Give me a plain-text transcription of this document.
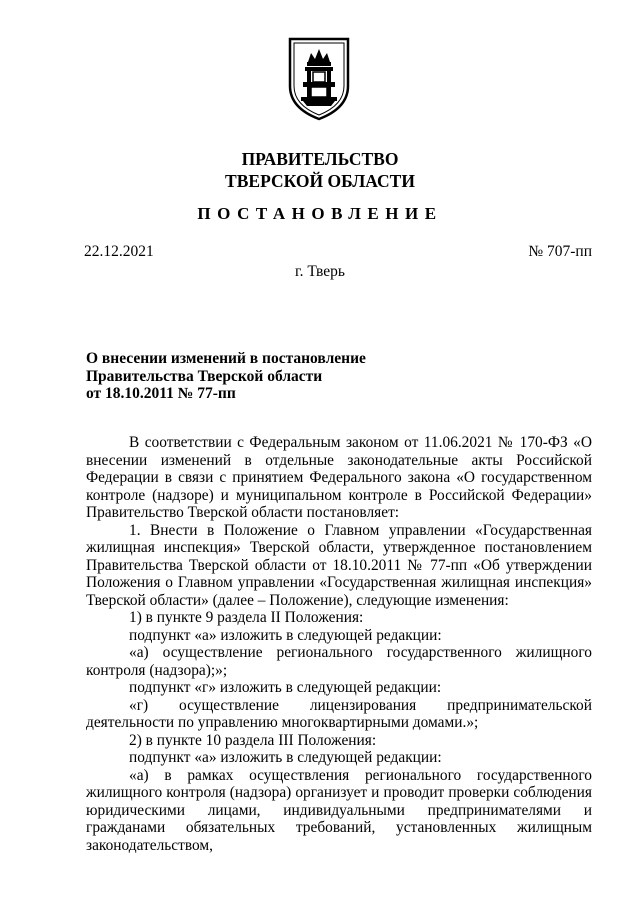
ПРАВИТЕЛЬСТВО
ТВЕРСКОЙ ОБЛАСТИ
ПОСТАНОВЛЕНИЕ
22.12.2021	№ 707-пп
г. Тверь
О внесении изменений в постановление
Правительства Тверской области
от 18.10.2011 № 77-пп

В соответствии с Федеральным законом от 11.06.2021 № 170-ФЗ «О внесении изменений в отдельные законодательные акты Российской Федерации в связи с принятием Федерального закона «О государственном контроле (надзоре) и муниципальном контроле в Российской Федерации» Правительство Тверской области постановляет:

1. Внести в Положение о Главном управлении «Государственная жилищная инспекция» Тверской области, утвержденное постановлением Правительства Тверской области от 18.10.2011 № 77-пп «Об утверждении Положения о Главном управлении «Государственная жилищная инспекция» Тверской области» (далее – Положение), следующие изменения:

1) в пункте 9 раздела II Положения:

подпункт «а» изложить в следующей редакции:

«а) осуществление регионального государственного жилищного контроля (надзора);»;

подпункт «г» изложить в следующей редакции:

«г) осуществление лицензирования предпринимательской деятельности по управлению многоквартирными домами.»;

2) в пункте 10 раздела III Положения:

подпункт «а» изложить в следующей редакции:

«а) в рамках осуществления регионального государственного жилищного контроля (надзора) организует и проводит проверки соблюдения юридическими лицами, индивидуальными предпринимателями и гражданами обязательных требований, установленных жилищным законодательством,
